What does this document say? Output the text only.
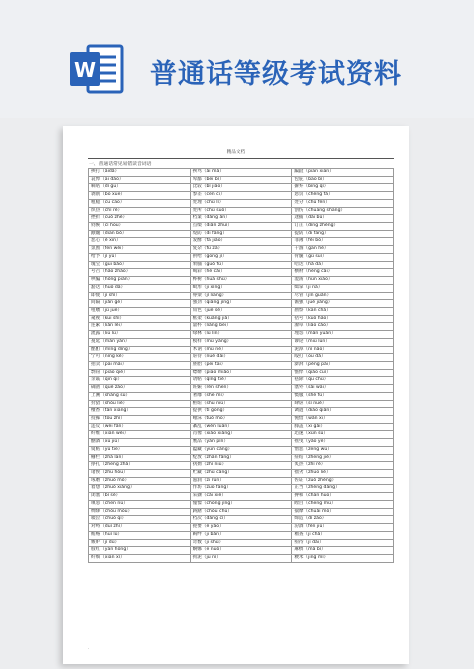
W 普通话等级考试资料
精品文档
一、普通话常见易错读音词语
挨打（áidǎ）	挨骂（ái mà）	蹁跹（piān xiān）
哀悼（āi dào）	卑鄙（bēi bǐ）	包庇（bāo bì）
嘀咕（dí gu）	比较（bǐ jiào）	摒弃（bìng qì）
剥削（bō xuē）	参差（cēn cī）	惩罚（chéng fá）
粗糙（cū cāo）	处理（chǔ lǐ）	处分（chǔ fèn）
炽热（chì rè）	处所（chù suǒ）	创伤（chuāng shāng）
挫折（cuò zhé）	档案（dàng àn）	逮捕（dài bǔ）
伺候（cì hou）	点缀（diǎn zhuì）	订正（dìng zhèng）
颠簸（diān bǒ）	堤防（dī fáng）	提防（dī fang）
恶心（ě xin）	发酵（fā jiào）	菲薄（fěi bó）
氛围（fēn wéi）	复杂（fù zá）	干涸（gān hé）
给予（jǐ yǔ）	供给（gōng jǐ）	骨髓（gǔ suǐ）
瑰宝（guī bǎo）	果脯（guǒ fǔ）	哈达（hǎ dá）
号召（hào zhào）	喝彩（hè cǎi）	横财（hèng cái）
哄骗（hǒng piàn）	桦树（huà shù）	混淆（hùn xiáo）
豁达（huò dá）	畸形（jī xíng）	缉拿（jī ná）
即使（jí shǐ）	脊梁（jǐ liang）	尽管（jǐn guǎn）
间隔（jiàn gé）	强劲（qiáng jìng）	倔强（jué jiàng）
咀嚼（jǔ jué）	角色（jué sè）	勘察（kān chá）
窥视（kuī shì）	框架（kuàng jià）	括号（kuò hào）
连累（lián lěi）	量杯（liáng bēi）	潦草（liáo cǎo）
流露（liú lù）	绿林（lù lín）	埋怨（mán yuàn）
蔓延（màn yán）	模样（mú yàng）	谬论（miù lùn）
酩酊（mǐng dǐng）	木讷（mù nè）	泥淖（ní nào）
宁可（nìng kě）	虐待（nüè dài）	殴打（ōu dǎ）
拍卖（pāi mài）	胚胎（pēi tāi）	澎湃（péng pài）
剽窃（piāo qiè）	缥缈（piāo miǎo）	憔悴（qiáo cuì）
亲戚（qīn qi）	请帖（qǐng tiě）	祛除（qū chú）
确凿（què záo）	妊娠（rèn shēn）	塞外（sài wài）
上溯（shàng sù）	奢靡（shē mí）	慑服（shè fú）
狩猎（shòu liè）	枢纽（shū niǔ）	肆虐（sì nüè）
檀香（tán xiāng）	提供（tí gōng）	调遣（diào qiǎn）
投掷（tóu zhì）	唾沫（tuò mo）	惋惜（wǎn xī）
违反（wéi fǎn）	紊乱（wěn luàn）	膝盖（xī gài）
纤维（xiān wéi）	肖像（xiào xiàng）	迅速（xùn sù）
酗酒（xù jiǔ）	赝品（yàn pǐn）	摇曳（yáo yè）
熨帖（yù tiē）	蕴藏（yùn cáng）	憎恶（zēng wù）
栅栏（zhà lan）	绽放（zhàn fàng）	症结（zhēng jié）
挣扎（zhēng zhá）	执拗（zhí niù）	炙热（zhì rè）
诸侯（zhū hóu）	贮藏（zhù cáng）	拙劣（zhuō liè）
琢磨（zhuó mó）	滋润（zī rùn）	佐证（zuǒ zhèng）
着想（zhuó xiǎng）	作坊（zuō fang）	正当（zhèng dàng）
闭塞（bì sè）	采撷（cǎi xié）	搀和（chān huo）
嗔怒（chēn nù）	憧憬（chōng jǐng）	瞠目（chēng mù）
绸缪（chóu móu）	踌躇（chóu chú）	揣摩（chuǎi mó）
啜泣（chuò qì）	档次（dàng cì）	缔造（dì zào）
对峙（duì zhì）	扼要（è yào）	汾酒（fén jiǔ）
贿赂（huì lù）	羁绊（jī bàn）	稽查（jī chá）
嫉妒（jí dù）	奇数（jī shù）	亟待（jí dài）
殷红（yān hóng）	婀娜（ē nuó）	麻痹（má bì）
纤细（xiān xì）	拘泥（jū nì）	粳米（jīng mǐ）
·
